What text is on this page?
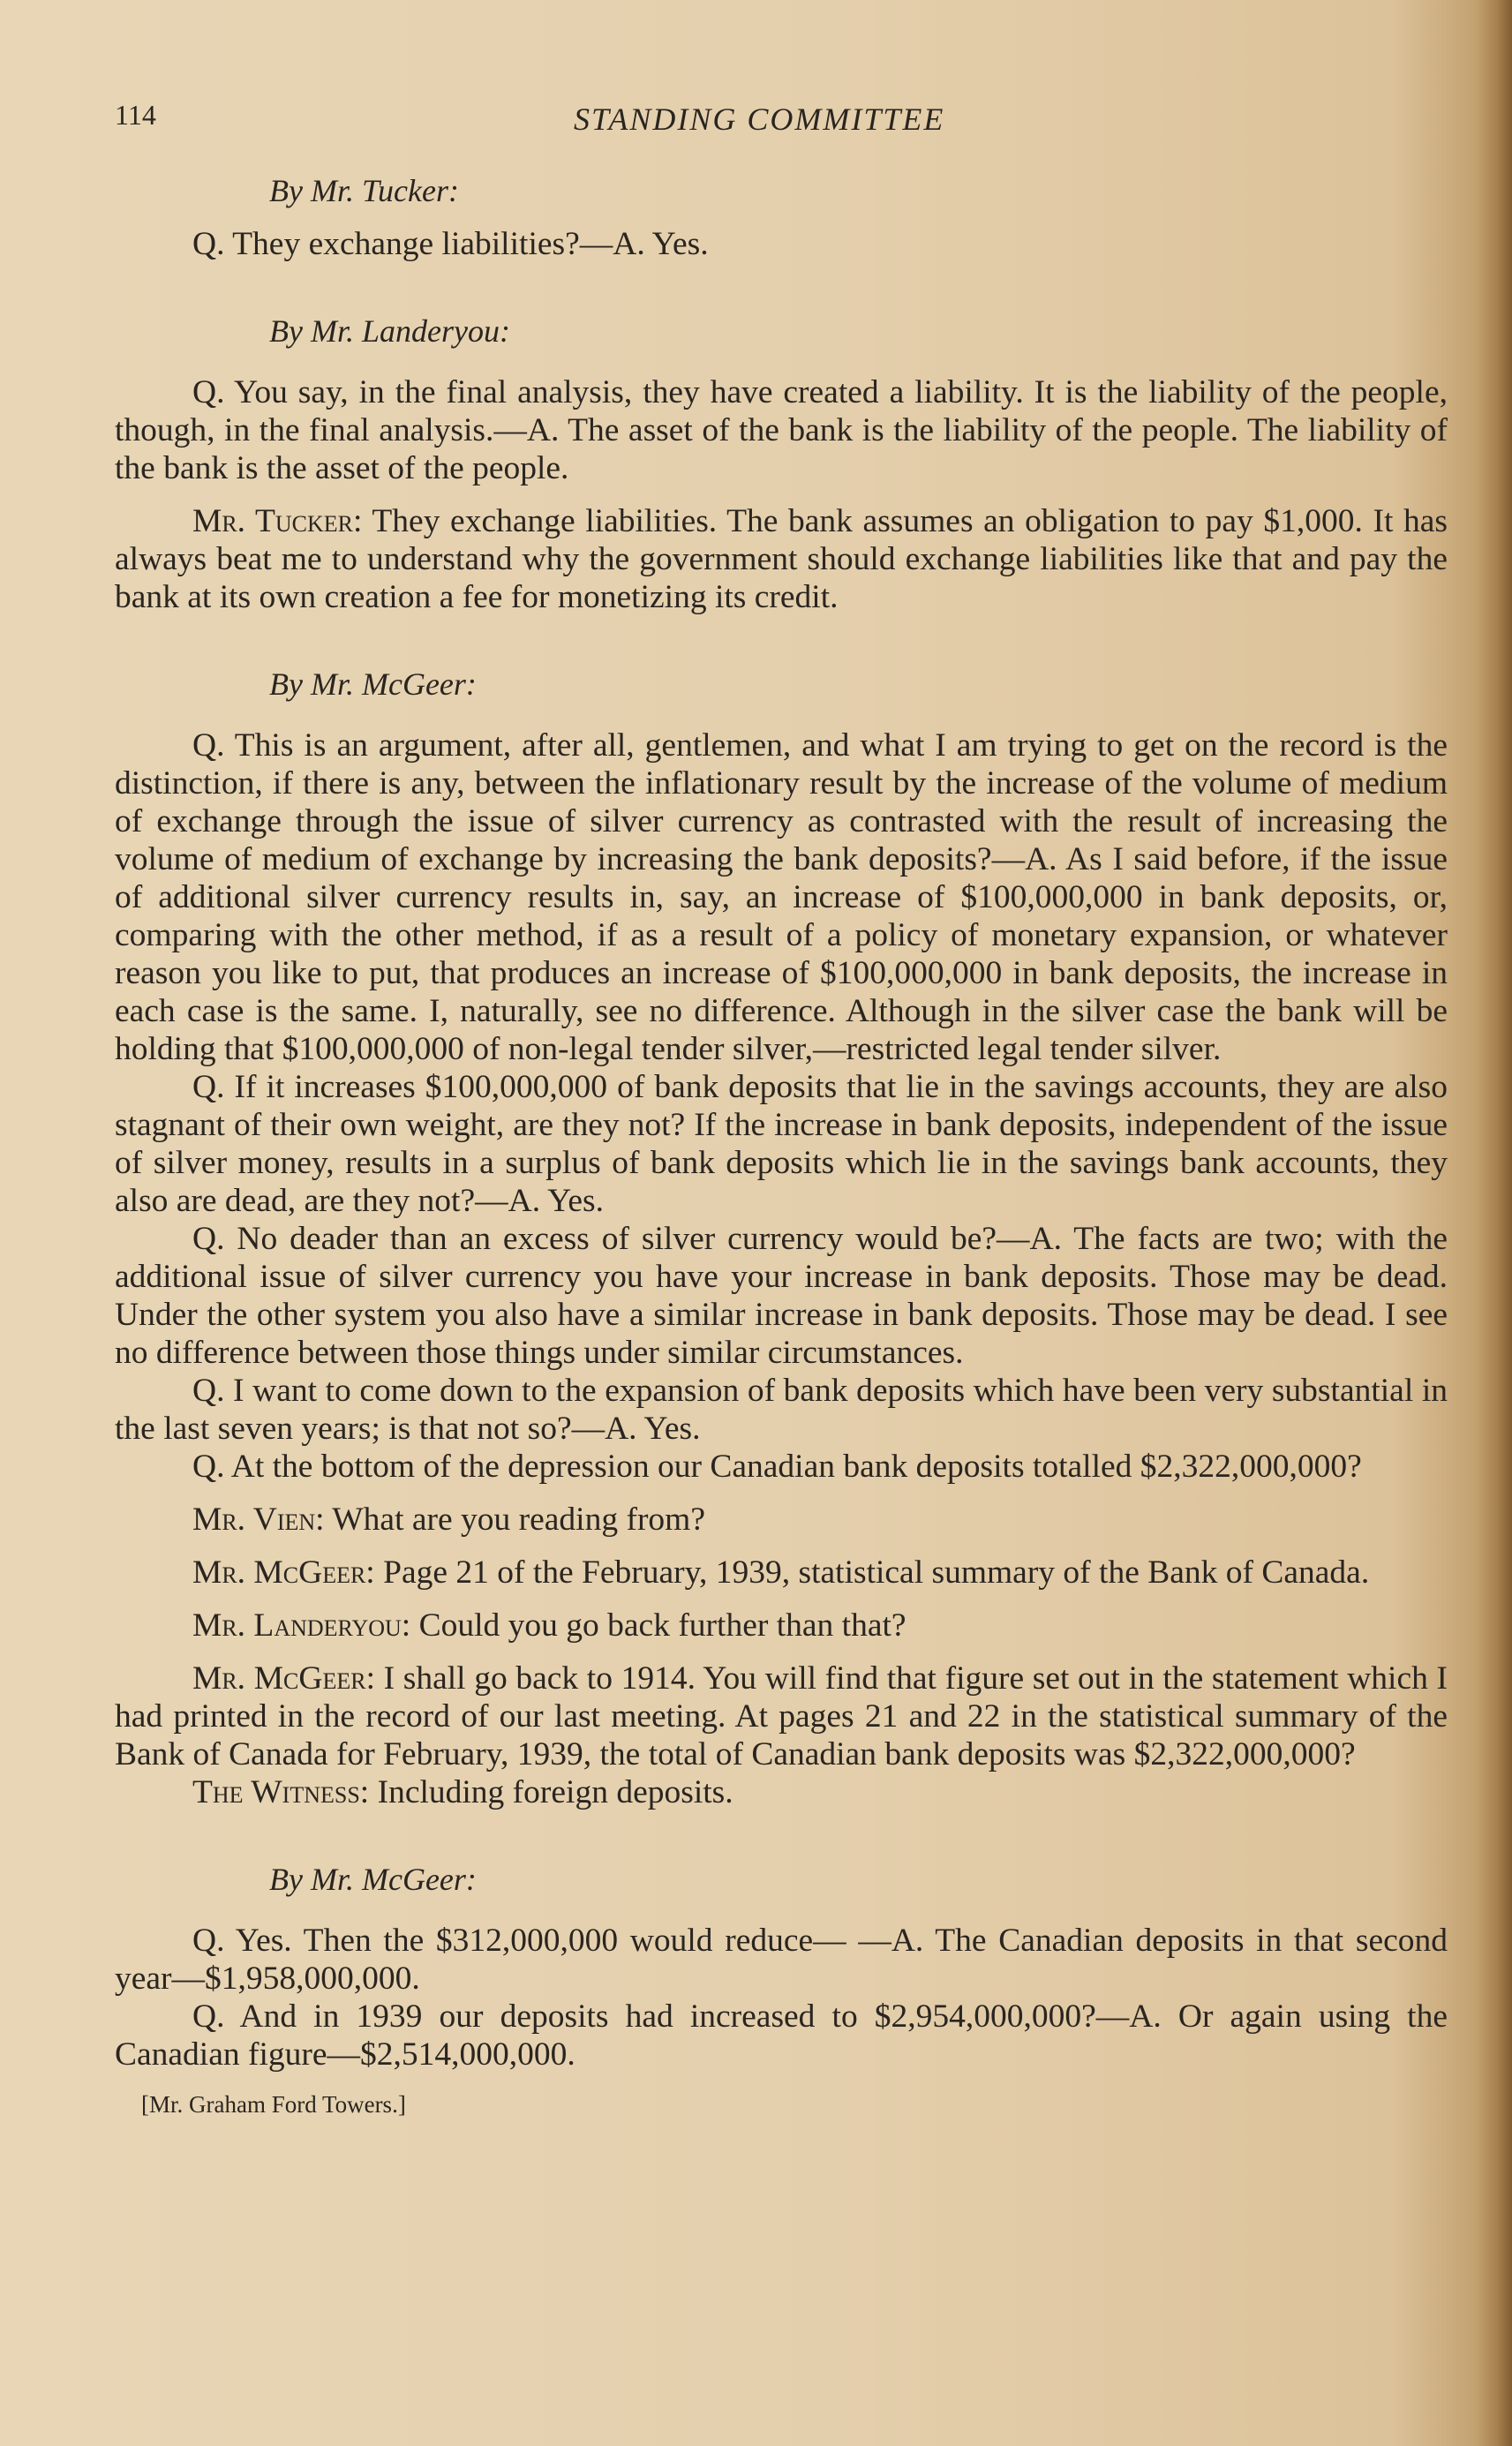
114	STANDING COMMITTEE

By Mr. Tucker:

Q. They exchange liabilities?—A. Yes.

By Mr. Landeryou:

Q. You say, in the final analysis, they have created a liability. It is the liability of the people, though, in the final analysis.—A. The asset of the bank is the liability of the people. The liability of the bank is the asset of the people.

Mr. Tucker: They exchange liabilities. The bank assumes an obligation to pay $1,000. It has always beat me to understand why the government should exchange liabilities like that and pay the bank at its own creation a fee for monetizing its credit.

By Mr. McGeer:

Q. This is an argument, after all, gentlemen, and what I am trying to get on the record is the distinction, if there is any, between the inflationary result by the increase of the volume of medium of exchange through the issue of silver currency as contrasted with the result of increasing the volume of medium of exchange by increasing the bank deposits?—A. As I said before, if the issue of additional silver currency results in, say, an increase of $100,000,000 in bank deposits, or, comparing with the other method, if as a result of a policy of monetary expansion, or whatever reason you like to put, that produces an increase of $100,000,000 in bank deposits, the increase in each case is the same. I, naturally, see no difference. Although in the silver case the bank will be holding that $100,000,000 of non-legal tender silver,—restricted legal tender silver.

Q. If it increases $100,000,000 of bank deposits that lie in the savings accounts, they are also stagnant of their own weight, are they not? If the increase in bank deposits, independent of the issue of silver money, results in a surplus of bank deposits which lie in the savings bank accounts, they also are dead, are they not?—A. Yes.

Q. No deader than an excess of silver currency would be?—A. The facts are two; with the additional issue of silver currency you have your increase in bank deposits. Those may be dead. Under the other system you also have a similar increase in bank deposits. Those may be dead. I see no difference between those things under similar circumstances.

Q. I want to come down to the expansion of bank deposits which have been very substantial in the last seven years; is that not so?—A. Yes.

Q. At the bottom of the depression our Canadian bank deposits totalled $2,322,000,000?

Mr. Vien: What are you reading from?

Mr. McGeer: Page 21 of the February, 1939, statistical summary of the Bank of Canada.

Mr. Landeryou: Could you go back further than that?

Mr. McGeer: I shall go back to 1914. You will find that figure set out in the statement which I had printed in the record of our last meeting. At pages 21 and 22 in the statistical summary of the Bank of Canada for February, 1939, the total of Canadian bank deposits was $2,322,000,000?

The Witness: Including foreign deposits.

By Mr. McGeer:

Q. Yes. Then the $312,000,000 would reduce— —A. The Canadian deposits in that second year—$1,958,000,000.

Q. And in 1939 our deposits had increased to $2,954,000,000?—A. Or again using the Canadian figure—$2,514,000,000.

[Mr. Graham Ford Towers.]
